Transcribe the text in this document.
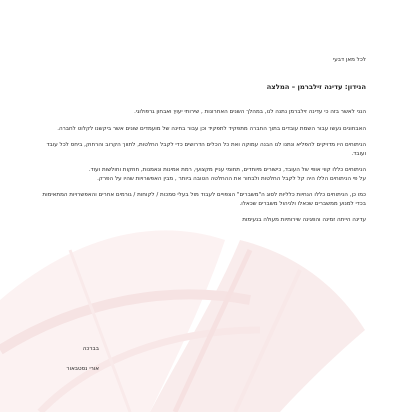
לכל מאן דבעי

הנידון: עדינה זילברמן – המלצה

הנני לאשר בזה כי עדינה זילברמן נתנה לנו, במהלך השנים האחרונות , שירותי יעוץ ואבחון גרפולוגי.

האבחונים נעשו עבור השמת עובדים בתוך החברה מתפקיד לתפקיד וכן עבור בחינה של מועמדים שונים אשר ביקשנו לקלוט לחברה.

הניתוחים היו מדויקים להפליא ונתנו לנו הבנה עמוקה ואת כל הכלים הדרושים כדי לקבל החלטות, לתווך הקרוב והרחוק, ביחס לכל עובד ועובד.

הניתוחים כללו קווי אופי של העובד, כישורים מיוחדים, תחומי עניין מקצועי, רמת אמינות ונאמנות, חוזקות וחולשות ועוד.

על פי הניתוחים הללו היה קל לקבל החלטות ולבחור את ההחלטה הטובה ביותר , מבין האפשרויות שהיו על הפרק.

כמו כן, הניתוחים כללו הנחיות כלליות לסוג ה"משברים" הצפויים לעבוד מול בעלי סמכות / לקוחות / גורמים אחרים והאפשרויות המתאימות בכדי למנוע ממשברים שכאלו ולניהול משברים שכאלו.

עדינה הייתה זמינה והפגינה שירותיות מעולה בנעימות

בברכה

אורי נסטבאור
